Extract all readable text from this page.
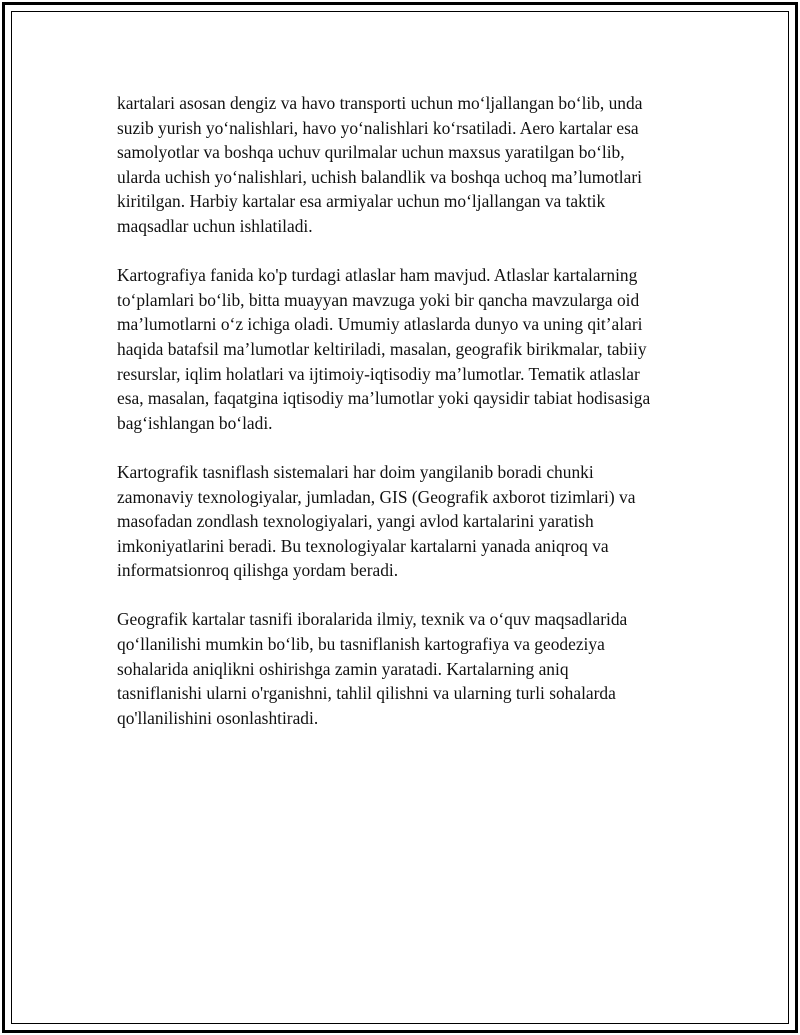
kartalari asosan dengiz va havo transporti uchun mo‘ljallangan bo‘lib, unda
suzib yurish yo‘nalishlari, havo yo‘nalishlari ko‘rsatiladi. Aero kartalar esa
samolyotlar va boshqa uchuv qurilmalar uchun maxsus yaratilgan bo‘lib,
ularda uchish yo‘nalishlari, uchish balandlik va boshqa uchoq ma’lumotlari
kiritilgan. Harbiy kartalar esa armiyalar uchun mo‘ljallangan va taktik
maqsadlar uchun ishlatiladi.

Kartografiya fanida ko'p turdagi atlaslar ham mavjud. Atlaslar kartalarning
to‘plamlari bo‘lib, bitta muayyan mavzuga yoki bir qancha mavzularga oid
ma’lumotlarni o‘z ichiga oladi. Umumiy atlaslarda dunyo va uning qit’alari
haqida batafsil ma’lumotlar keltiriladi, masalan, geografik birikmalar, tabiiy
resurslar, iqlim holatlari va ijtimoiy-iqtisodiy ma’lumotlar. Tematik atlaslar
esa, masalan, faqatgina iqtisodiy ma’lumotlar yoki qaysidir tabiat hodisasiga
bag‘ishlangan bo‘ladi.

Kartografik tasniflash sistemalari har doim yangilanib boradi chunki
zamonaviy texnologiyalar, jumladan, GIS (Geografik axborot tizimlari) va
masofadan zondlash texnologiyalari, yangi avlod kartalarini yaratish
imkoniyatlarini beradi. Bu texnologiyalar kartalarni yanada aniqroq va
informatsionroq qilishga yordam beradi.

Geografik kartalar tasnifi iboralarida ilmiy, texnik va o‘quv maqsadlarida
qo‘llanilishi mumkin bo‘lib, bu tasniflanish kartografiya va geodeziya
sohalarida aniqlikni oshirishga zamin yaratadi. Kartalarning aniq
tasniflanishi ularni o'rganishni, tahlil qilishni va ularning turli sohalarda
qo'llanilishini osonlashtiradi.
